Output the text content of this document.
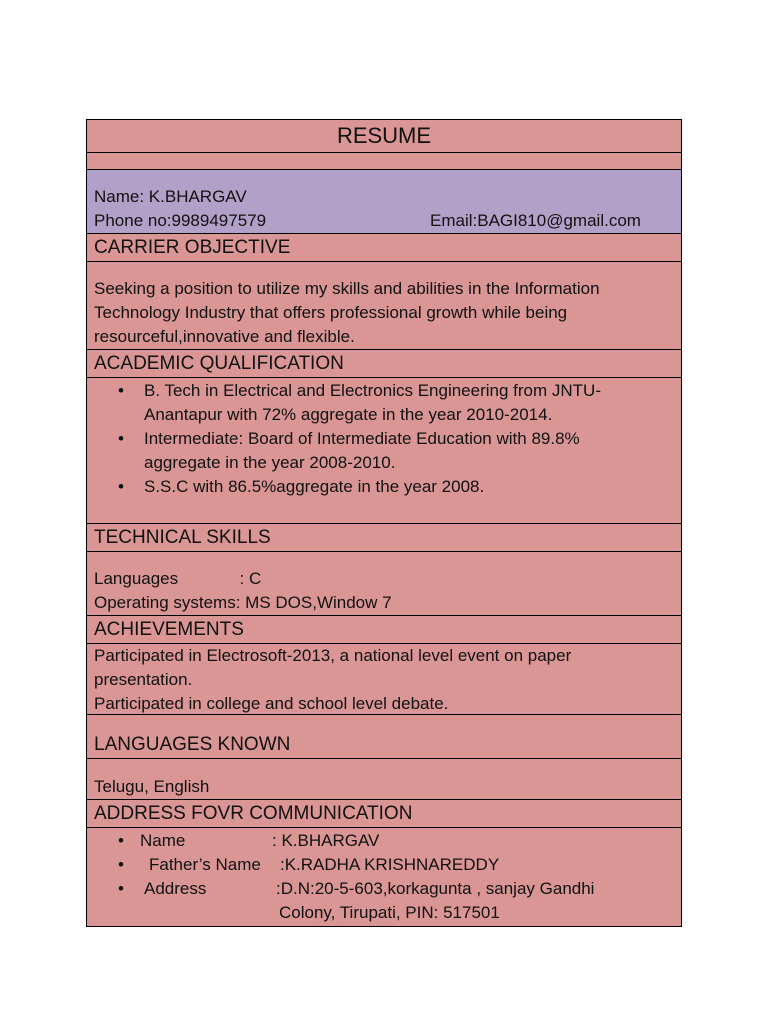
RESUME
Name: K.BHARGAV
Phone no:9989497579	Email:BAGI810@gmail.com
CARRIER OBJECTIVE
Seeking a position to utilize my skills and abilities in the Information
Technology Industry that offers professional growth while being
resourceful,innovative and flexible.
ACADEMIC QUALIFICATION
• B. Tech in Electrical and Electronics Engineering from JNTU-
Anantapur with 72% aggregate in the year 2010-2014.
• Intermediate: Board of Intermediate Education with 89.8%
aggregate in the year 2008-2010.
• S.S.C with 86.5%aggregate in the year 2008.
TECHNICAL SKILLS
Languages             : C
Operating systems: MS DOS,Window 7
ACHIEVEMENTS
Participated in Electrosoft-2013, a national level event on paper
presentation.
Participated in college and school level debate.
LANGUAGES KNOWN
Telugu, English
ADDRESS FOVR COMMUNICATION
• Name	: K.BHARGAV
• Father’s Name	:K.RADHA KRISHNAREDDY
• Address	:D.N:20-5-603,korkagunta , sanjay Gandhi
Colony, Tirupati, PIN: 517501
